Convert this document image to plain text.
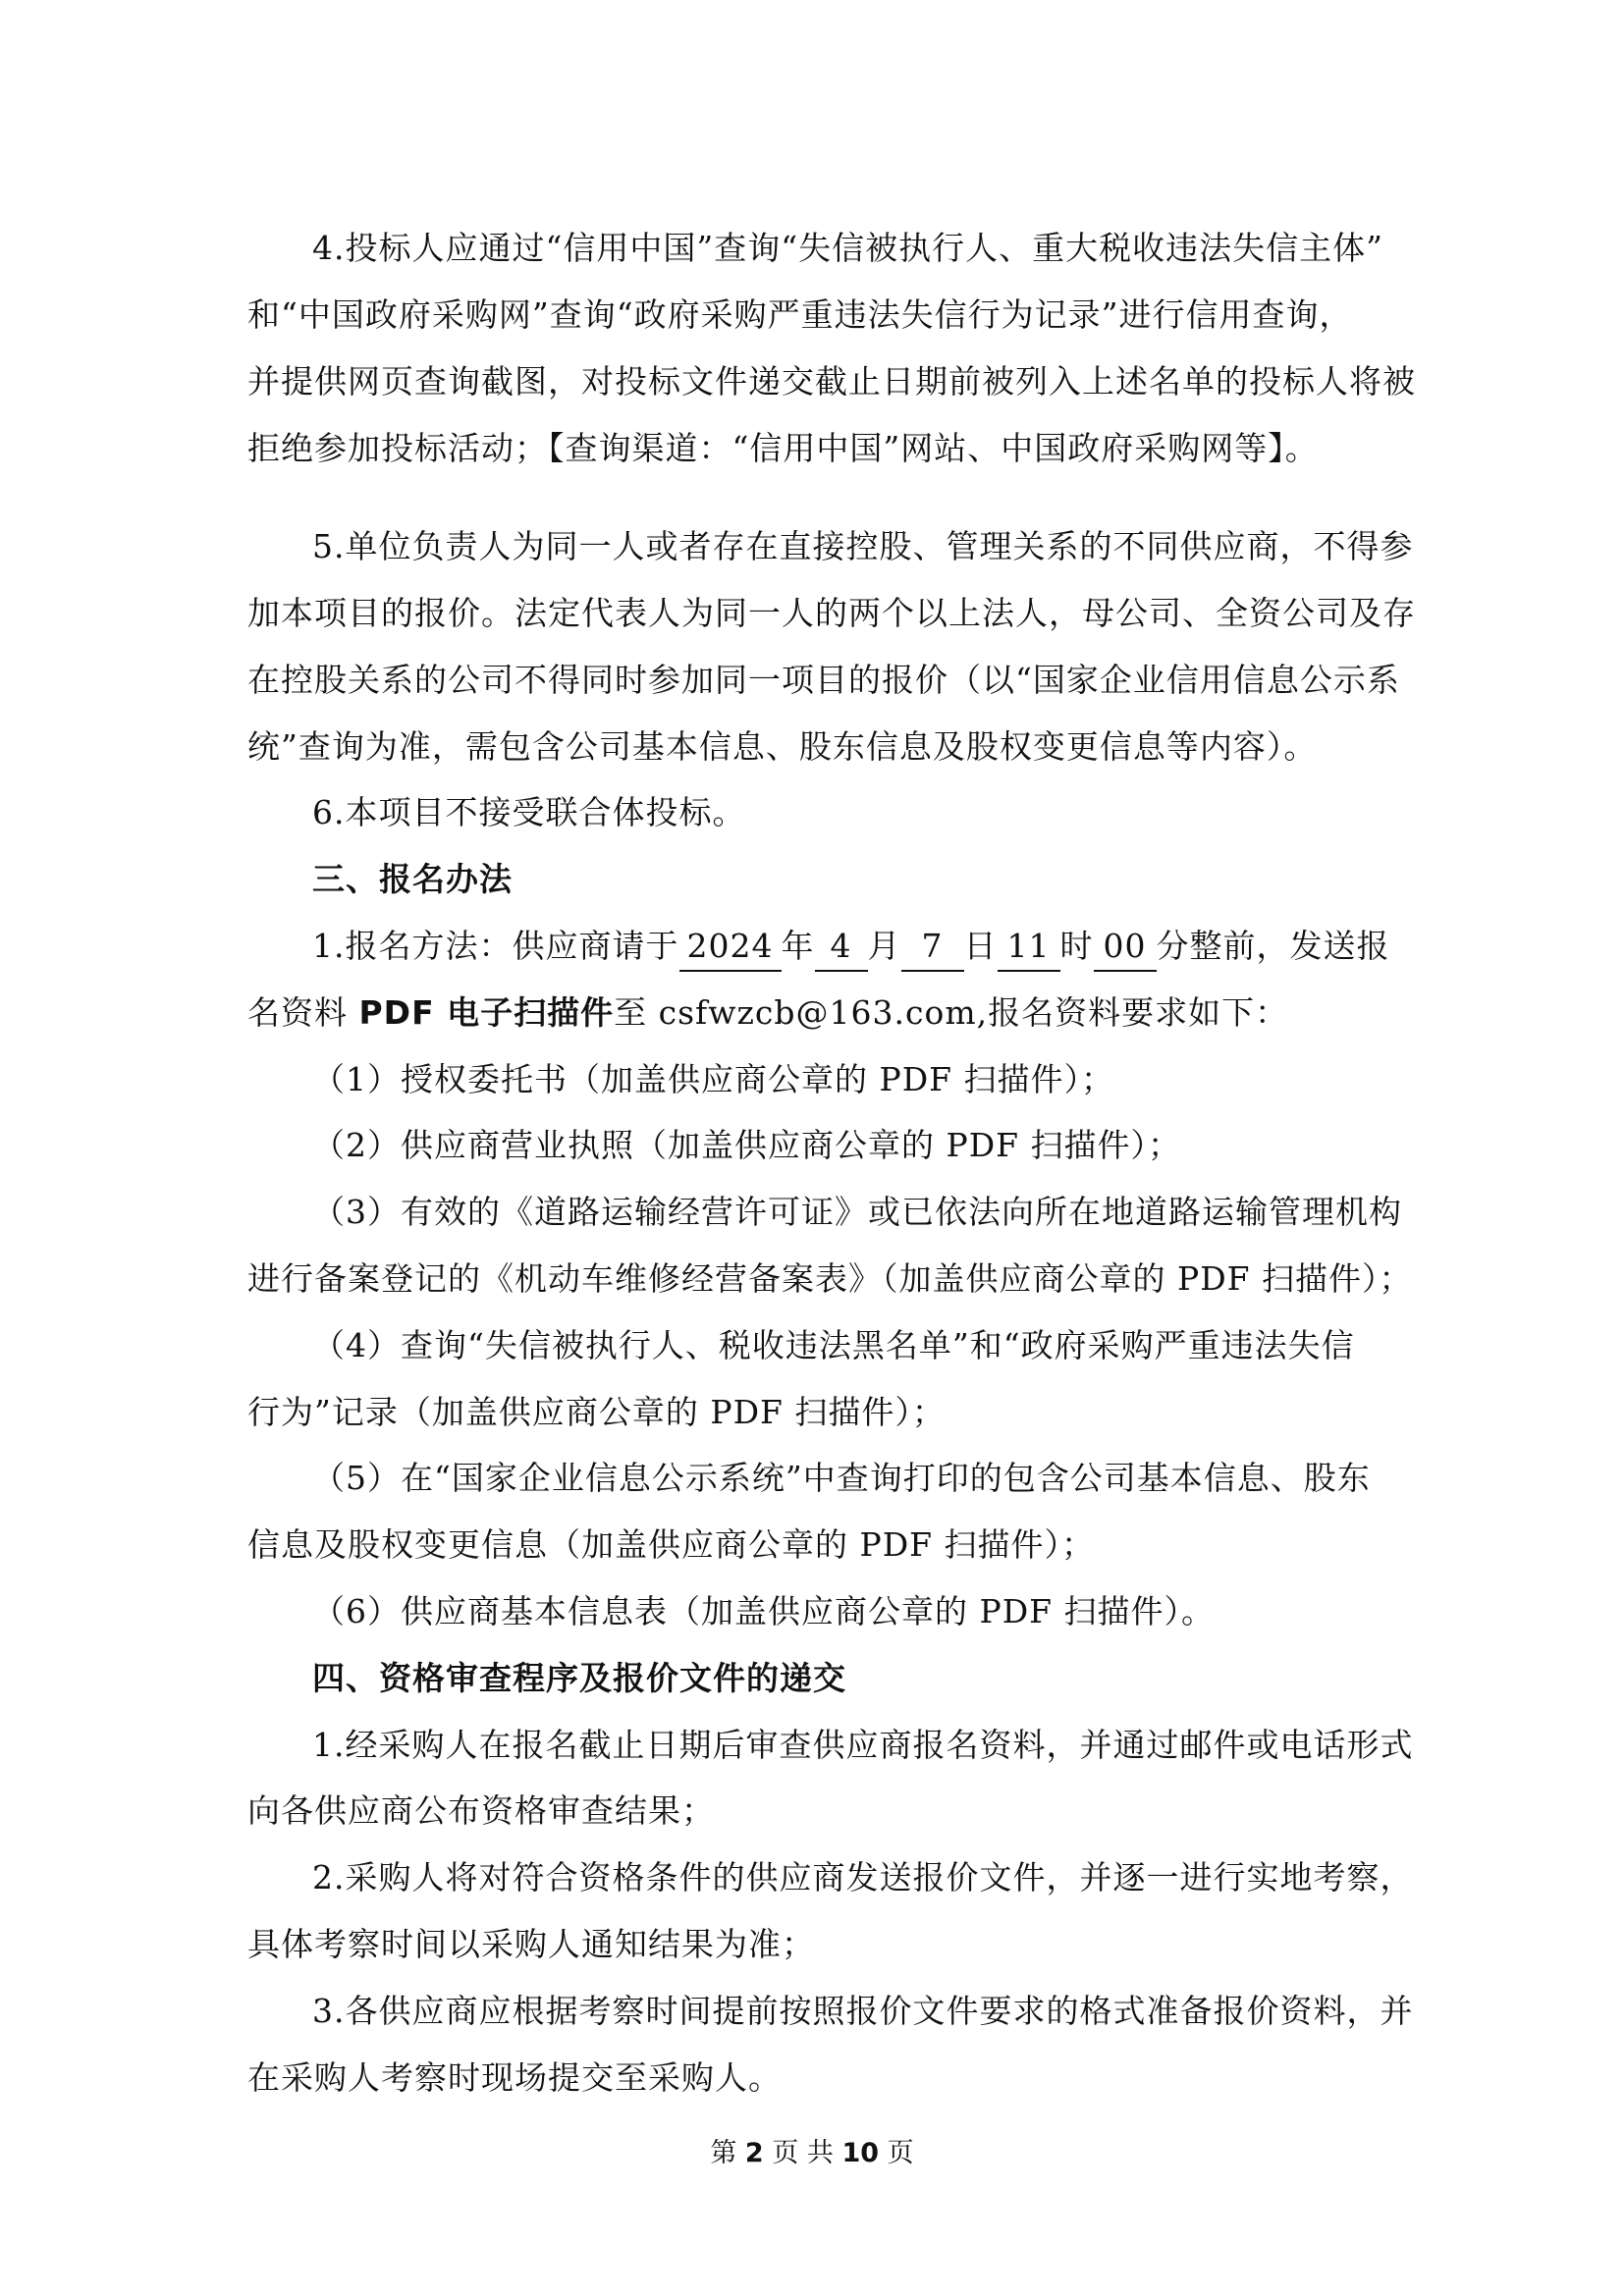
4.投标人应通过“信用中国”查询“失信被执行人、重大税收违法失信主体”
和“中国政府采购网”查询“政府采购严重违法失信行为记录”进行信用查询，
并提供网页查询截图，对投标文件递交截止日期前被列入上述名单的投标人将被
拒绝参加投标活动；【查询渠道：“信用中国”网站、中国政府采购网等】。
5.单位负责人为同一人或者存在直接控股、管理关系的不同供应商，不得参
加本项目的报价。法定代表人为同一人的两个以上法人，母公司、全资公司及存
在控股关系的公司不得同时参加同一项目的报价（以“国家企业信用信息公示系
统”查询为准，需包含公司基本信息、股东信息及股权变更信息等内容）。
6.本项目不接受联合体投标。
三、报名办法
1.报名方法：供应商请于 2024 年 4 月 7 日 11 时 00 分整前，发送报
名资料 PDF 电子扫描件至 csfwzcb@163.com,报名资料要求如下：
（1）授权委托书（加盖供应商公章的 PDF 扫描件）；
（2）供应商营业执照（加盖供应商公章的 PDF 扫描件）；
（3）有效的《道路运输经营许可证》或已依法向所在地道路运输管理机构
进行备案登记的《机动车维修经营备案表》（加盖供应商公章的 PDF 扫描件）；
（4）查询“失信被执行人、税收违法黑名单”和“政府采购严重违法失信
行为”记录（加盖供应商公章的 PDF 扫描件）；
（5）在“国家企业信息公示系统”中查询打印的包含公司基本信息、股东
信息及股权变更信息（加盖供应商公章的 PDF 扫描件）；
（6）供应商基本信息表（加盖供应商公章的 PDF 扫描件）。
四、资格审查程序及报价文件的递交
1.经采购人在报名截止日期后审查供应商报名资料，并通过邮件或电话形式
向各供应商公布资格审查结果；
2.采购人将对符合资格条件的供应商发送报价文件，并逐一进行实地考察，
具体考察时间以采购人通知结果为准；
3.各供应商应根据考察时间提前按照报价文件要求的格式准备报价资料，并
在采购人考察时现场提交至采购人。
第 2 页 共 10 页
